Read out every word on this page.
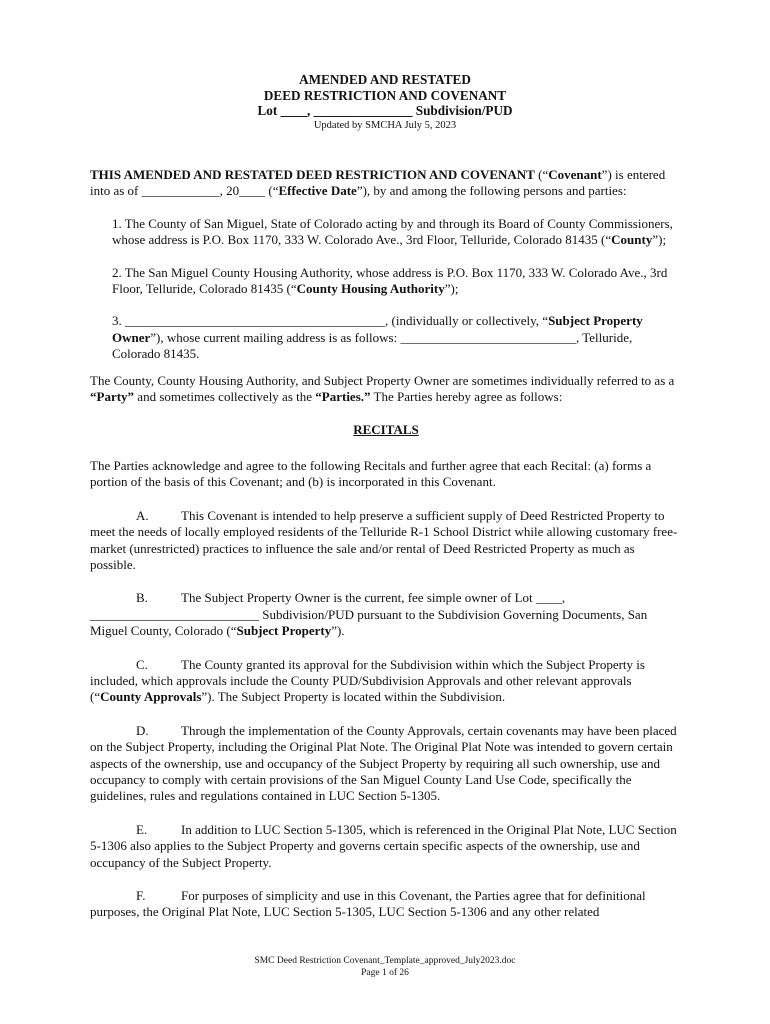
AMENDED AND RESTATED
DEED RESTRICTION AND COVENANT
Lot ____, _______________ Subdivision/PUD
Updated by SMCHA July 5, 2023

THIS AMENDED AND RESTATED DEED RESTRICTION AND COVENANT (“Covenant”) is entered into as of ____________, 20____ (“Effective Date”), by and among the following persons and parties:

1. The County of San Miguel, State of Colorado acting by and through its Board of County Commissioners, whose address is P.O. Box 1170, 333 W. Colorado Ave., 3rd Floor, Telluride, Colorado 81435 (“County”);

2. The San Miguel County Housing Authority, whose address is P.O. Box 1170, 333 W. Colorado Ave., 3rd Floor, Telluride, Colorado 81435 (“County Housing Authority”);

3. ________________________________________, (individually or collectively, “Subject Property Owner”), whose current mailing address is as follows: ___________________________, Telluride, Colorado 81435.

The County, County Housing Authority, and Subject Property Owner are sometimes individually referred to as a “Party” and sometimes collectively as the “Parties.” The Parties hereby agree as follows:

RECITALS

The Parties acknowledge and agree to the following Recitals and further agree that each Recital: (a) forms a portion of the basis of this Covenant; and (b) is incorporated in this Covenant.

A. This Covenant is intended to help preserve a sufficient supply of Deed Restricted Property to meet the needs of locally employed residents of the Telluride R-1 School District while allowing customary free-market (unrestricted) practices to influence the sale and/or rental of Deed Restricted Property as much as possible.

B.	The Subject Property Owner is the current, fee simple owner of Lot ____, __________________________ Subdivision/PUD pursuant to the Subdivision Governing Documents, San Miguel County, Colorado (“Subject Property”).

C.	The County granted its approval for the Subdivision within which the Subject Property is included, which approvals include the County PUD/Subdivision Approvals and other relevant approvals (“County Approvals”). The Subject Property is located within the Subdivision.

D. Through the implementation of the County Approvals, certain covenants may have been placed on the Subject Property, including the Original Plat Note. The Original Plat Note was intended to govern certain aspects of the ownership, use and occupancy of the Subject Property by requiring all such ownership, use and occupancy to comply with certain provisions of the San Miguel County Land Use Code, specifically the guidelines, rules and regulations contained in LUC Section 5-1305.

E.	In addition to LUC Section 5-1305, which is referenced in the Original Plat Note, LUC Section 5-1306 also applies to the Subject Property and governs certain specific aspects of the ownership, use and occupancy of the Subject Property.

F.	For purposes of simplicity and use in this Covenant, the Parties agree that for definitional purposes, the Original Plat Note, LUC Section 5-1305, LUC Section 5-1306 and any other related

SMC Deed Restriction Covenant_Template_approved_July2023.doc
Page 1 of 26
